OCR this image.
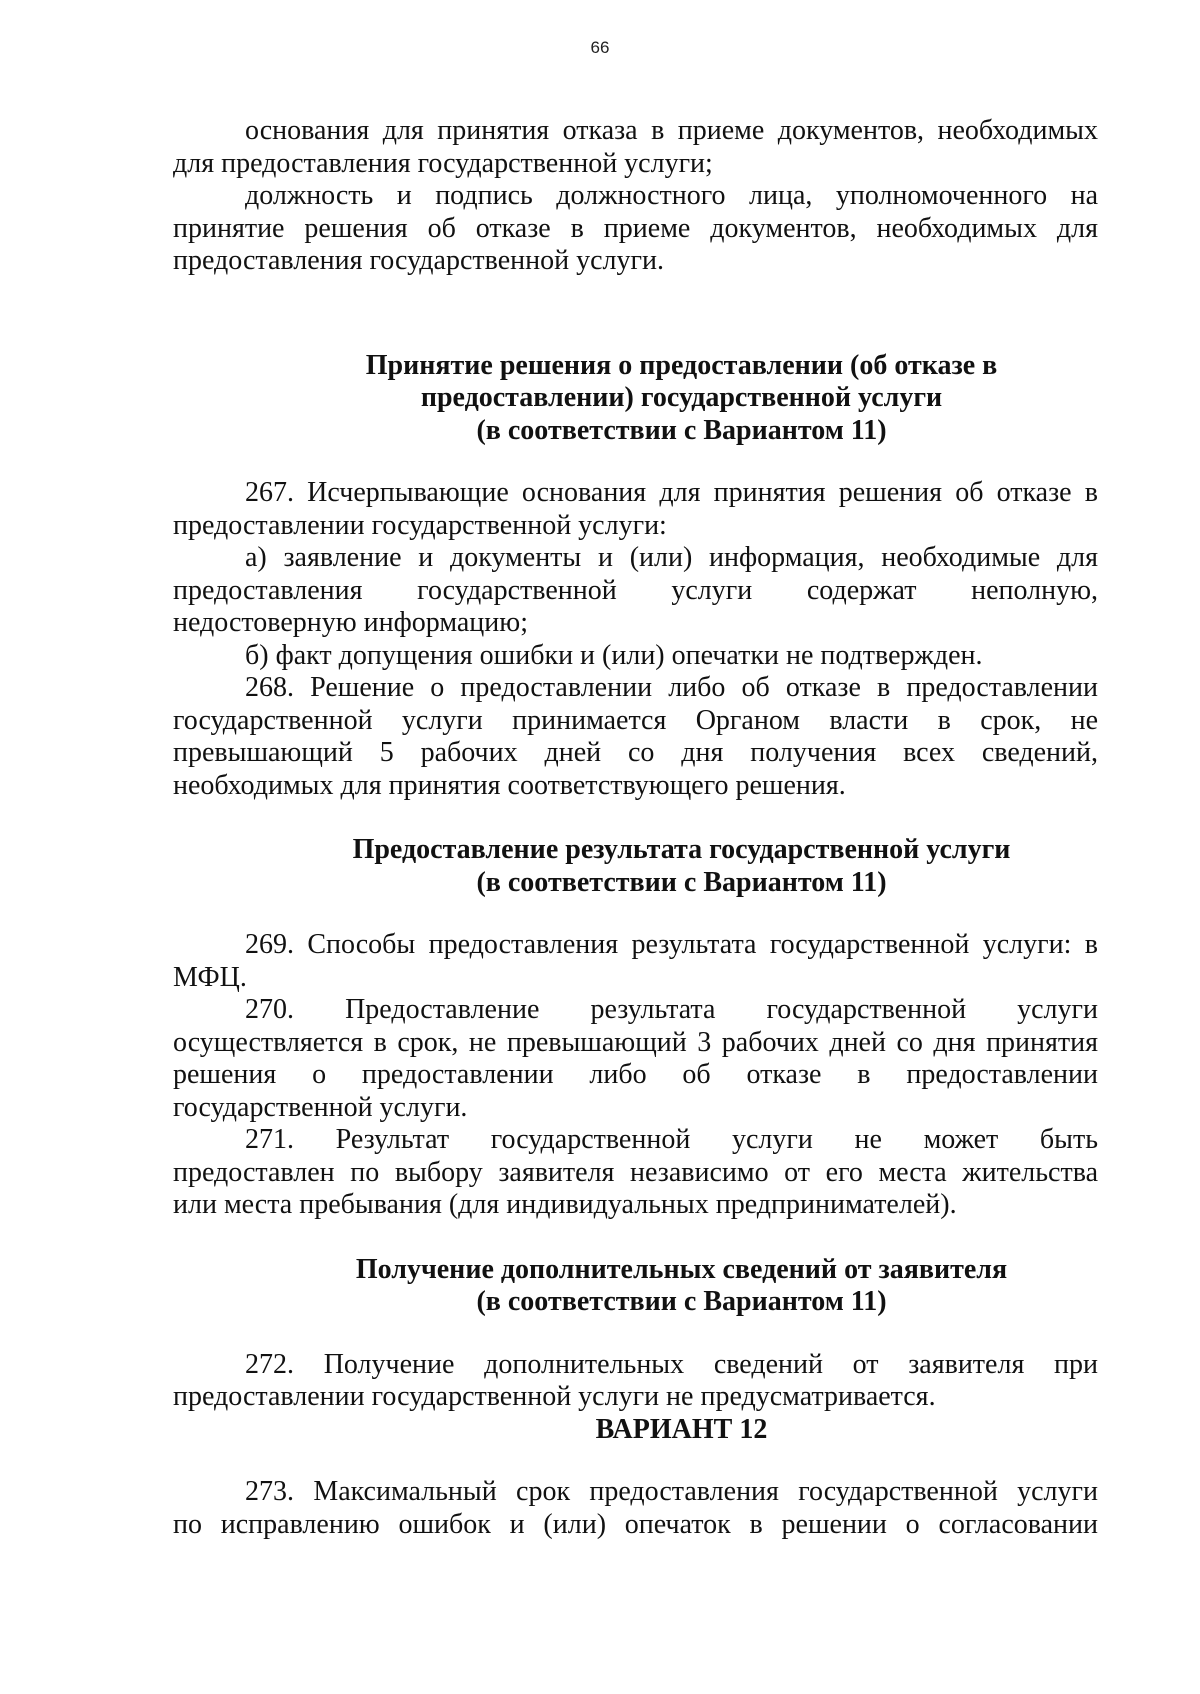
66

основания для принятия отказа в приеме документов, необходимых

для предоставления государственной услуги;

должность и подпись должностного лица, уполномоченного на

принятие решения об отказе в приеме документов, необходимых для

предоставления государственной услуги.

Принятие решения о предоставлении (об отказе в

предоставлении) государственной услуги

(в соответствии с Вариантом 11)

267. Исчерпывающие основания для принятия решения об отказе в

предоставлении государственной услуги:

а) заявление и документы и (или) информация, необходимые для

предоставления государственной услуги содержат неполную,

недостоверную информацию;

б) факт допущения ошибки и (или) опечатки не подтвержден.

268. Решение о предоставлении либо об отказе в предоставлении

государственной услуги принимается Органом власти в срок, не

превышающий 5 рабочих дней со дня получения всех сведений,

необходимых для принятия соответствующего решения.

Предоставление результата государственной услуги

(в соответствии с Вариантом 11)

269. Способы предоставления результата государственной услуги: в

МФЦ.

270. Предоставление результата государственной услуги

осуществляется в срок, не превышающий 3 рабочих дней со дня принятия

решения о предоставлении либо об отказе в предоставлении

государственной услуги.

271. Результат государственной услуги не может быть

предоставлен по выбору заявителя независимо от его места жительства

или места пребывания (для индивидуальных предпринимателей).

Получение дополнительных сведений от заявителя

(в соответствии с Вариантом 11)

272. Получение дополнительных сведений от заявителя при

предоставлении государственной услуги не предусматривается.

ВАРИАНТ 12

273. Максимальный срок предоставления государственной услуги

по исправлению ошибок и (или) опечаток в решении о согласовании
